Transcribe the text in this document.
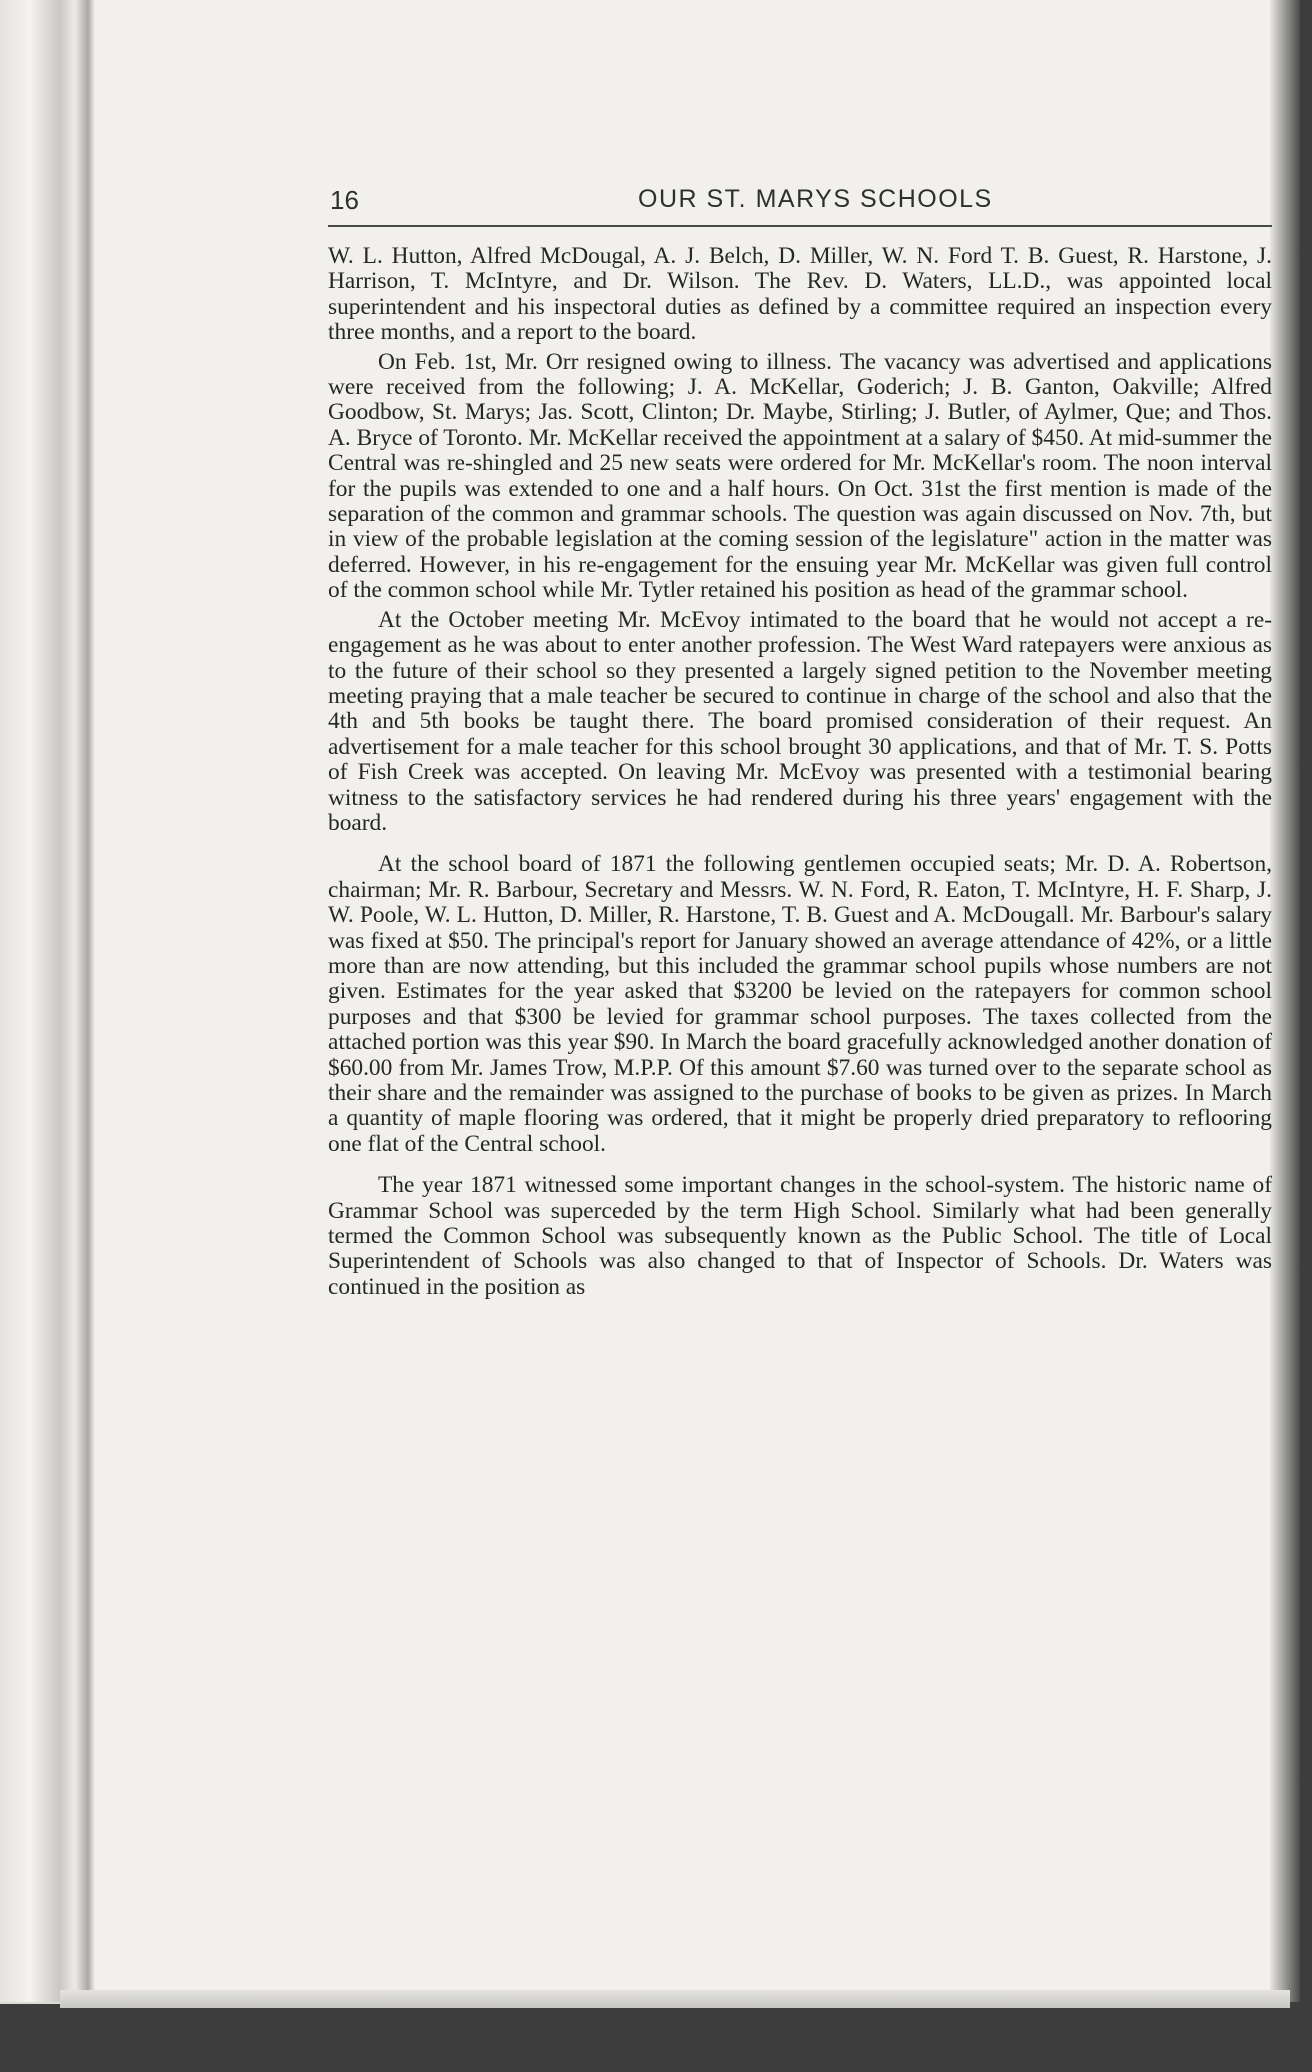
16	OUR ST. MARYS SCHOOLS

W. L. Hutton, Alfred McDougal, A. J. Belch, D. Miller, W. N. Ford T. B. Guest, R. Harstone, J. Harrison, T. McIntyre, and Dr. Wilson. The Rev. D. Waters, LL.D., was appointed local superintendent and his inspectoral duties as defined by a committee required an inspection every three months, and a report to the board.

On Feb. 1st, Mr. Orr resigned owing to illness. The vacancy was advertised and applications were received from the following; J. A. McKellar, Goderich; J. B. Ganton, Oakville; Alfred Goodbow, St. Marys; Jas. Scott, Clinton; Dr. Maybe, Stirling; J. Butler, of Aylmer, Que; and Thos. A. Bryce of Toronto. Mr. McKellar received the appointment at a salary of $450. At mid-summer the Central was re-shingled and 25 new seats were ordered for Mr. McKellar's room. The noon interval for the pupils was extended to one and a half hours. On Oct. 31st the first mention is made of the separation of the common and grammar schools. The question was again discussed on Nov. 7th, but in view of the probable legislation at the coming session of the legislature" action in the matter was deferred. However, in his re-engagement for the ensuing year Mr. McKellar was given full control of the common school while Mr. Tytler retained his position as head of the grammar school.

At the October meeting Mr. McEvoy intimated to the board that he would not accept a re-engagement as he was about to enter another profession. The West Ward ratepayers were anxious as to the future of their school so they presented a largely signed petition to the November meeting meeting praying that a male teacher be secured to continue in charge of the school and also that the 4th and 5th books be taught there. The board promised consideration of their request. An advertisement for a male teacher for this school brought 30 applications, and that of Mr. T. S. Potts of Fish Creek was accepted. On leaving Mr. McEvoy was presented with a testimonial bearing witness to the satisfactory services he had rendered during his three years' engagement with the board.

At the school board of 1871 the following gentlemen occupied seats; Mr. D. A. Robertson, chairman; Mr. R. Barbour, Secretary and Messrs. W. N. Ford, R. Eaton, T. McIntyre, H. F. Sharp, J. W. Poole, W. L. Hutton, D. Miller, R. Harstone, T. B. Guest and A. McDougall. Mr. Barbour's salary was fixed at $50. The principal's report for January showed an average attendance of 42%, or a little more than are now attending, but this included the grammar school pupils whose numbers are not given. Estimates for the year asked that $3200 be levied on the ratepayers for common school purposes and that $300 be levied for grammar school purposes. The taxes collected from the attached portion was this year $90. In March the board gracefully acknowledged another donation of $60.00 from Mr. James Trow, M.P.P. Of this amount $7.60 was turned over to the separate school as their share and the remainder was assigned to the purchase of books to be given as prizes. In March a quantity of maple flooring was ordered, that it might be properly dried preparatory to reflooring one flat of the Central school.

The year 1871 witnessed some important changes in the school-system. The historic name of Grammar School was superceded by the term High School. Similarly what had been generally termed the Common School was subsequently known as the Public School. The title of Local Superintendent of Schools was also changed to that of Inspector of Schools. Dr. Waters was continued in the position as
